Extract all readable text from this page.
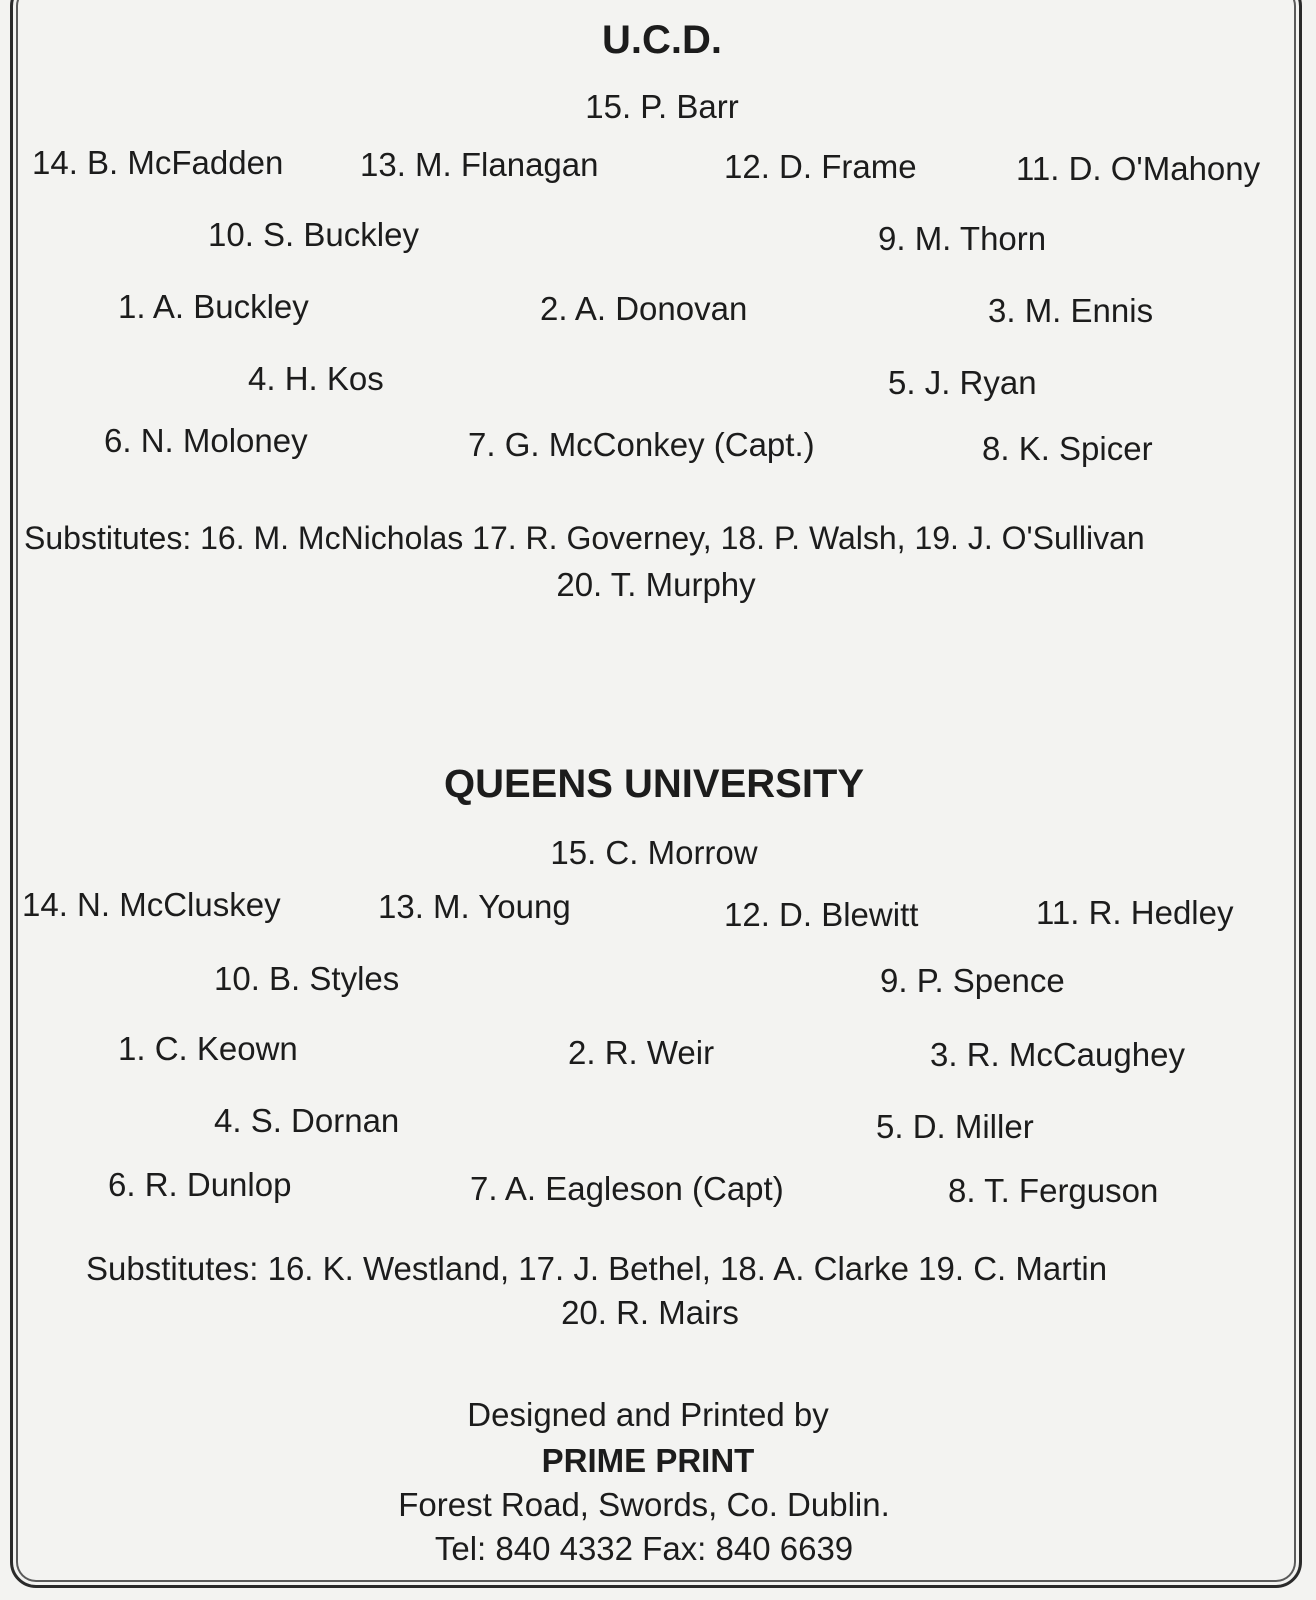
U.C.D.
15. P. Barr
14. B. McFadden 13. M. Flanagan	12. D. Frame	11. D. O'Mahony
10. S. Buckley	9. M. Thorn
1. A. Buckley	2. A. Donovan	3. M. Ennis
4. H. Kos	5. J. Ryan
6. N. Moloney	7. G. McConkey (Capt.)	8. K. Spicer
Substitutes: 16. M. McNicholas 17. R. Governey, 18. P. Walsh, 19. J. O'Sullivan
20. T. Murphy
QUEENS UNIVERSITY
15. C. Morrow
14. N. McCluskey	13. M. Young	12. D. Blewitt	11. R. Hedley
10. B. Styles	9. P. Spence
1. C. Keown	2. R. Weir	3. R. McCaughey
4. S. Dornan	5. D. Miller
6. R. Dunlop	7. A. Eagleson (Capt)	8. T. Ferguson
Substitutes: 16. K. Westland, 17. J. Bethel, 18. A. Clarke 19. C. Martin
20. R. Mairs
Designed and Printed by
PRIME PRINT
Forest Road, Swords, Co. Dublin.
Tel: 840 4332 Fax: 840 6639
